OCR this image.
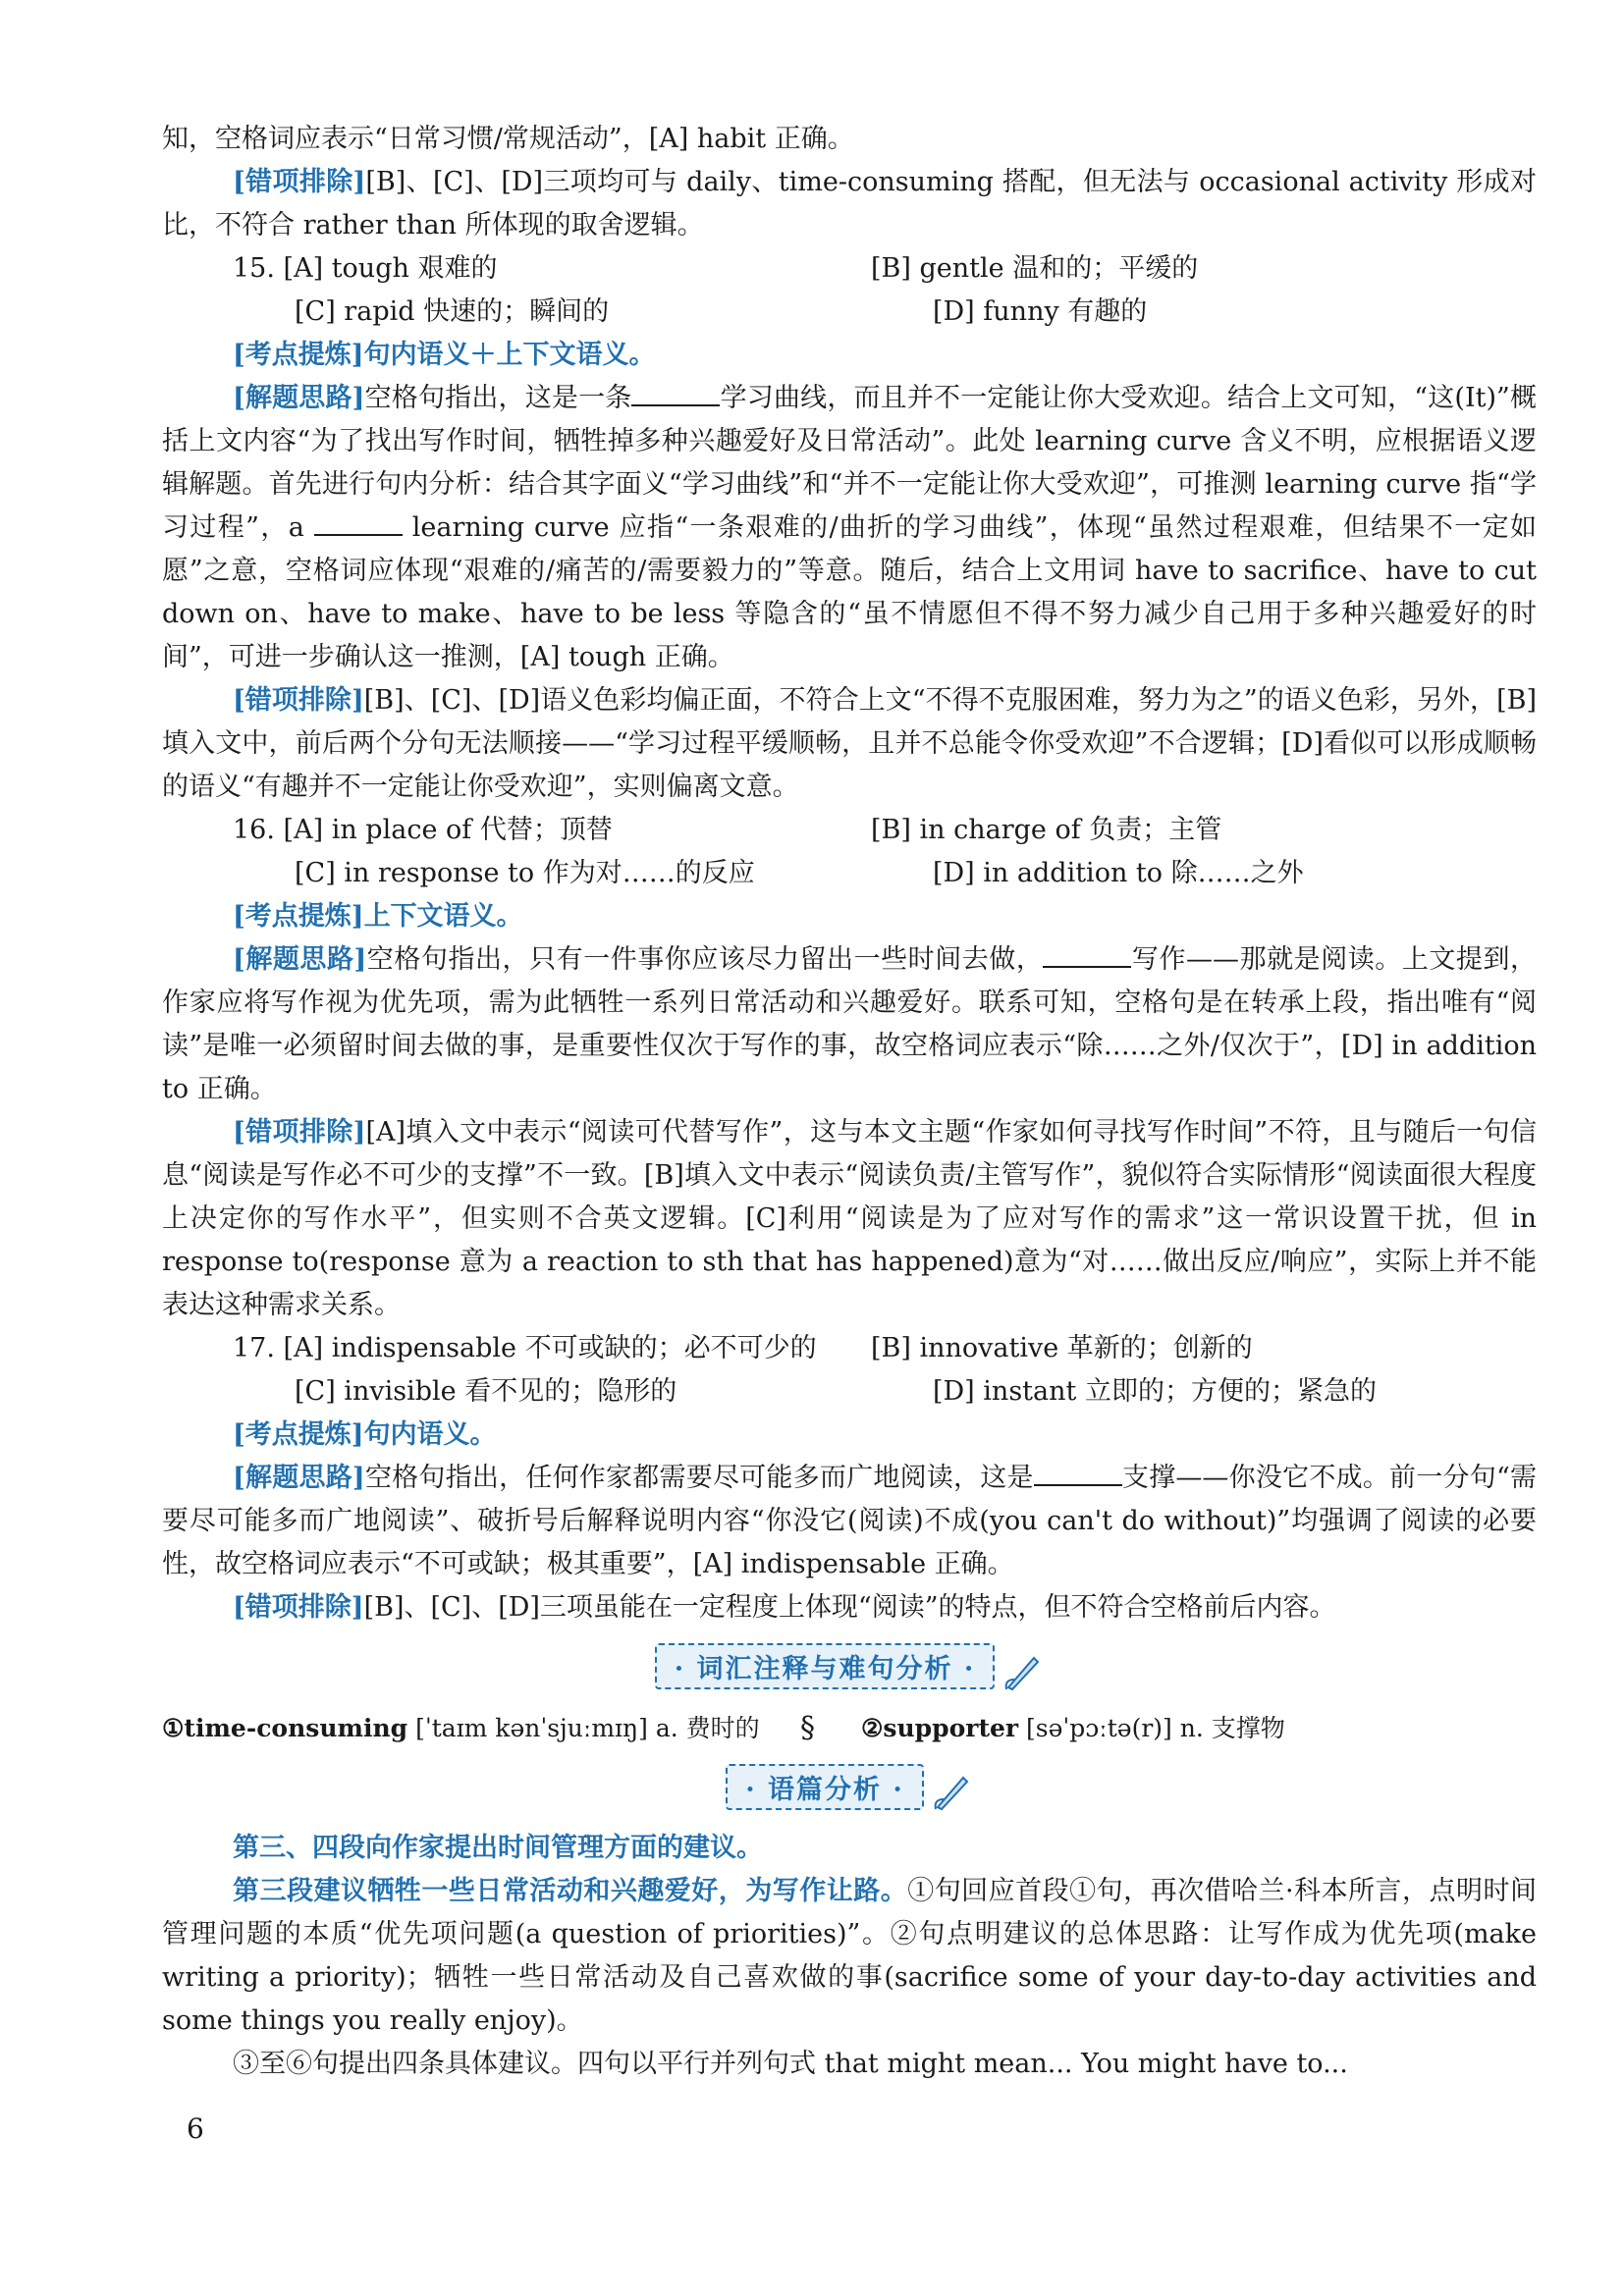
知，空格词应表示“日常习惯/常规活动”，[A] habit 正确。

[错项排除][B]、[C]、[D]三项均可与 daily、time-consuming 搭配，但无法与 occasional activity 形成对比，不符合 rather than 所体现的取舍逻辑。

15. [A] tough 艰难的	[B] gentle 温和的；平缓的
[C] rapid 快速的；瞬间的	[D] funny 有趣的

[考点提炼]句内语义＋上下文语义。

[解题思路]空格句指出，这是一条	学习曲线，而且并不一定能让你大受欢迎。结合上文可知，“这(It)”概括上文内容“为了找出写作时间，牺牲掉多种兴趣爱好及日常活动”。此处 learning curve 含义不明，应根据语义逻辑解题。首先进行句内分析：结合其字面义“学习曲线”和“并不一定能让你大受欢迎”，可推测 learning curve 指“学习过程”，a	learning curve 应指“一条艰难的/曲折的学习曲线”，体现“虽然过程艰难，但结果不一定如愿”之意，空格词应体现“艰难的/痛苦的/需要毅力的”等意。随后，结合上文用词 have to sacrifice、have to cut down on、have to make、have to be less 等隐含的“虽不情愿但不得不努力减少自己用于多种兴趣爱好的时间”，可进一步确认这一推测，[A] tough 正确。

[错项排除][B]、[C]、[D]语义色彩均偏正面，不符合上文“不得不克服困难，努力为之”的语义色彩，另外，[B]填入文中，前后两个分句无法顺接——“学习过程平缓顺畅，且并不总能令你受欢迎”不合逻辑；[D]看似可以形成顺畅的语义“有趣并不一定能让你受欢迎”，实则偏离文意。

16. [A] in place of 代替；顶替	[B] in charge of 负责；主管
[C] in response to 作为对……的反应	[D] in addition to 除……之外

[考点提炼]上下文语义。

[解题思路]空格句指出，只有一件事你应该尽力留出一些时间去做，	写作——那就是阅读。上文提到，作家应将写作视为优先项，需为此牺牲一系列日常活动和兴趣爱好。联系可知，空格句是在转承上段，指出唯有“阅读”是唯一必须留时间去做的事，是重要性仅次于写作的事，故空格词应表示“除……之外/仅次于”，[D] in addition to 正确。

[错项排除][A]填入文中表示“阅读可代替写作”，这与本文主题“作家如何寻找写作时间”不符，且与随后一句信息“阅读是写作必不可少的支撑”不一致。[B]填入文中表示“阅读负责/主管写作”，貌似符合实际情形“阅读面很大程度上决定你的写作水平”，但实则不合英文逻辑。[C]利用“阅读是为了应对写作的需求”这一常识设置干扰，但 in response to(response 意为 a reaction to sth that has happened)意为“对……做出反应/响应”，实际上并不能表达这种需求关系。

17. [A] indispensable 不可或缺的；必不可少的	[B] innovative 革新的；创新的
[C] invisible 看不见的；隐形的	[D] instant 立即的；方便的；紧急的

[考点提炼]句内语义。

[解题思路]空格句指出，任何作家都需要尽可能多而广地阅读，这是	支撑——你没它不成。前一分句“需要尽可能多而广地阅读”、破折号后解释说明内容“你没它(阅读)不成(you can't do without)”均强调了阅读的必要性，故空格词应表示“不可或缺；极其重要”，[A] indispensable 正确。

[错项排除][B]、[C]、[D]三项虽能在一定程度上体现“阅读”的特点，但不符合空格前后内容。

· 词汇注释与难句分析 ·
①time-consuming [ˈtaɪm kənˈsjuːmɪŋ] a. 费时的	§	②supporter [səˈpɔːtə(r)] n. 支撑物
· 语篇分析 ·

第三、四段向作家提出时间管理方面的建议。

第三段建议牺牲一些日常活动和兴趣爱好，为写作让路。①句回应首段①句，再次借哈兰·科本所言，点明时间管理问题的本质“优先项问题(a question of priorities)”。②句点明建议的总体思路：让写作成为优先项(make writing a priority)；牺牲一些日常活动及自己喜欢做的事(sacrifice some of your day-to-day activities and some things you really enjoy)。

③至⑥句提出四条具体建议。四句以平行并列句式 that might mean... You might have to...

6
